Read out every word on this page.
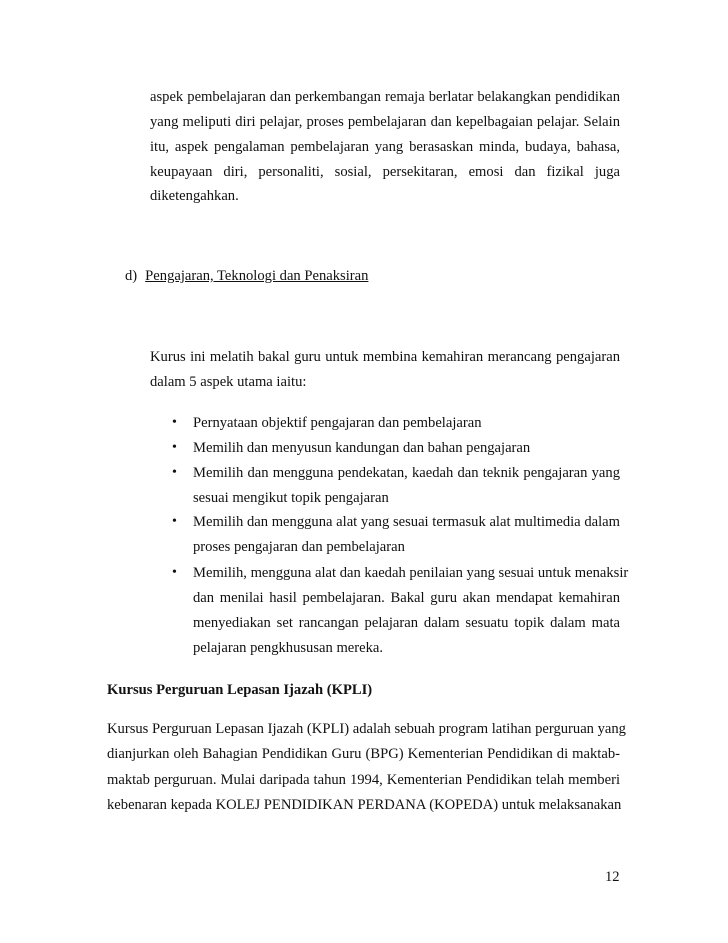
aspek pembelajaran dan perkembangan remaja berlatar belakangkan pendidikan
yang meliputi diri pelajar, proses pembelajaran dan kepelbagaian pelajar. Selain
itu, aspek pengalaman pembelajaran yang berasaskan minda, budaya, bahasa,
keupayaan diri, personaliti, sosial, persekitaran, emosi dan fizikal juga
diketengahkan.
d) Pengajaran, Teknologi dan Penaksiran
Kurus ini melatih bakal guru untuk membina kemahiran merancang pengajaran
dalam 5 aspek utama iaitu:
• Pernyataan objektif pengajaran dan pembelajaran
• Memilih dan menyusun kandungan dan bahan pengajaran
• Memilih dan mengguna pendekatan, kaedah dan teknik pengajaran yang
sesuai mengikut topik pengajaran
• Memilih dan mengguna alat yang sesuai termasuk alat multimedia dalam
proses pengajaran dan pembelajaran
• Memilih, mengguna alat dan kaedah penilaian yang sesuai untuk menaksir
dan menilai hasil pembelajaran. Bakal guru akan mendapat kemahiran
menyediakan set rancangan pelajaran dalam sesuatu topik dalam mata
pelajaran pengkhususan mereka.
Kursus Perguruan Lepasan Ijazah (KPLI)
Kursus Perguruan Lepasan Ijazah (KPLI) adalah sebuah program latihan perguruan yang
dianjurkan oleh Bahagian Pendidikan Guru (BPG) Kementerian Pendidikan di maktab-
maktab perguruan. Mulai daripada tahun 1994, Kementerian Pendidikan telah memberi
kebenaran kepada KOLEJ PENDIDIKAN PERDANA (KOPEDA) untuk melaksanakan
12
